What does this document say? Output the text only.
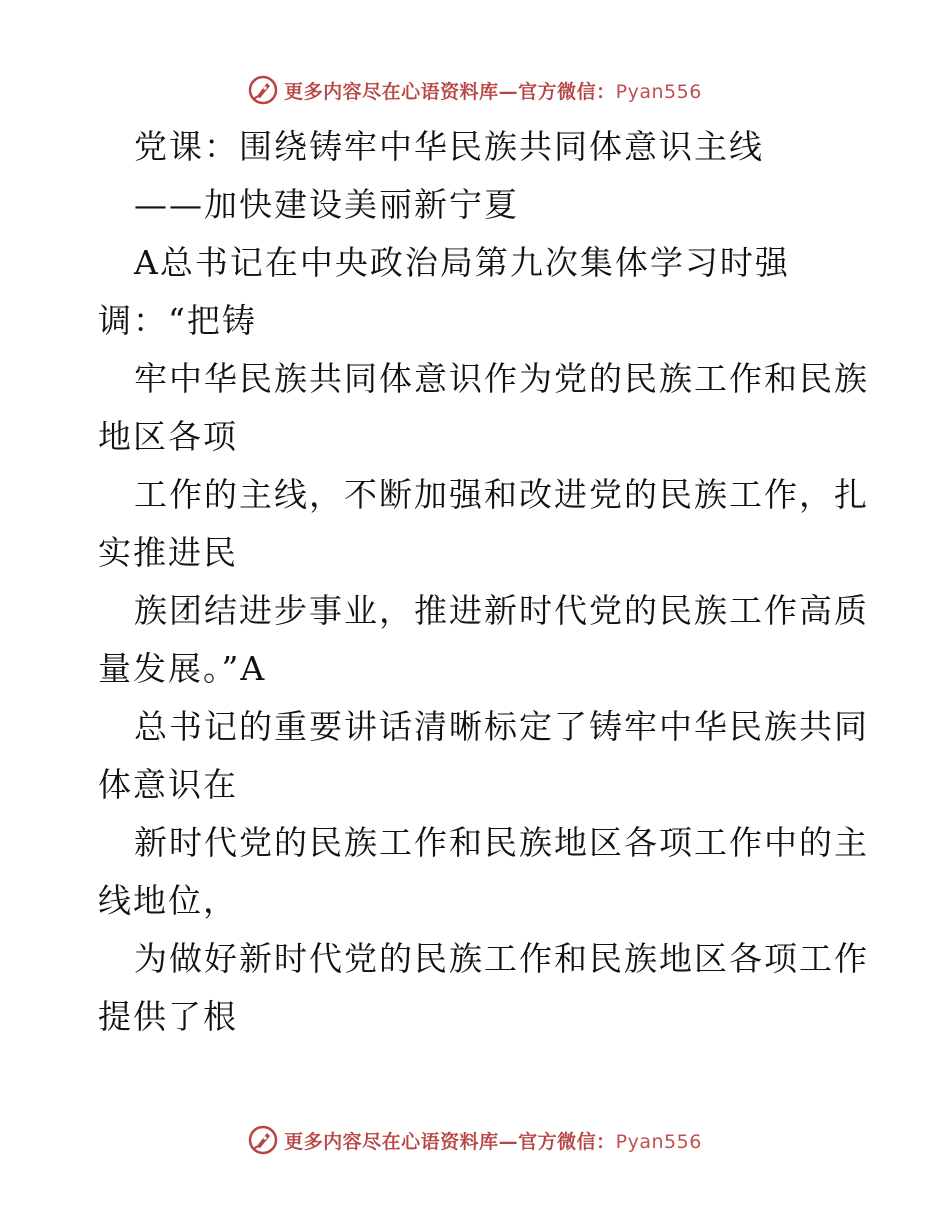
更多内容尽在心语资料库—官方微信：Pyan556
党课：围绕铸牢中华民族共同体意识主线
——加快建设美丽新宁夏
A总书记在中央政治局第九次集体学习时强
调：“把铸
牢中华民族共同体意识作为党的民族工作和民族
地区各项
工作的主线，不断加强和改进党的民族工作，扎
实推进民
族团结进步事业，推进新时代党的民族工作高质
量发展。”A
总书记的重要讲话清晰标定了铸牢中华民族共同
体意识在
新时代党的民族工作和民族地区各项工作中的主
线地位，
为做好新时代党的民族工作和民族地区各项工作
提供了根
更多内容尽在心语资料库—官方微信：Pyan556
